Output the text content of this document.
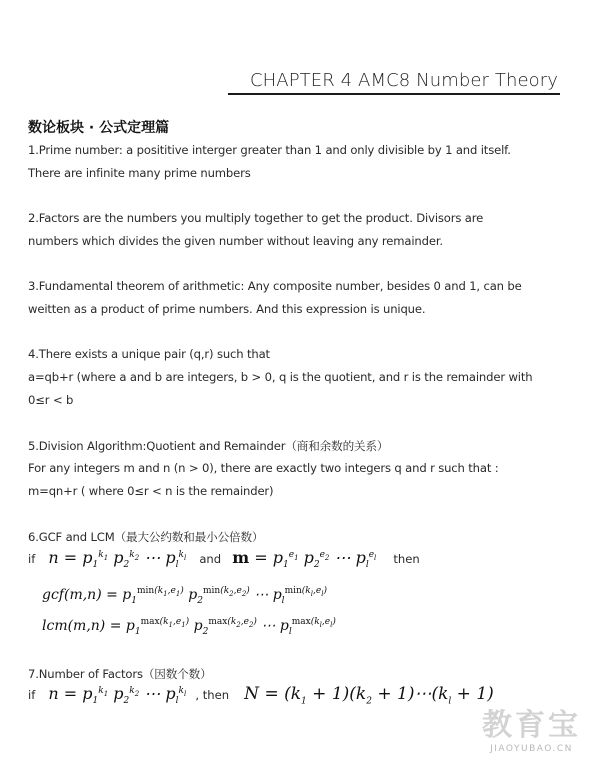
CHAPTER 4 AMC8 Number Theory
数论板块 · 公式定理篇
1.Prime number: a posititive interger greater than 1 and only divisible by 1 and itself.
There are infinite many prime numbers
2.Factors are the numbers you multiply together to get the product. Divisors are
numbers which divides the given number without leaving any remainder.
3.Fundamental theorem of arithmetic: Any composite number, besides 0 and 1, can be
weitten as a product of prime numbers. And this expression is unique.
4.There exists a unique pair (q,r) such that
a=qb+r (where a and b are integers, b > 0, q is the quotient, and r is the remainder with
0≤r < b
5.Division Algorithm:Quotient and Remainder（商和余数的关系）
For any integers m and n (n > 0), there are exactly two integers q and r such that :
m=qn+r ( where 0≤r < n is the remainder)
6.GCF and LCM（最大公约数和最小公倍数）
if $n = p_1^{k_1}$ $p_2^{k_2}$ ⋯ $p_l^{k_l}$ and $m = p_1^{e_1}$ $p_2^{e_2}$ ⋯ $p_l^{e_l}$ then
$gcf(m,n) = p_1^{min(k_1,e_1)}$ $p_2^{min(k_2,e_2)}$ ⋯ $p_l^{min(k_l,e_l)}$
$lcm(m,n) = p_1^{max(k_1,e_1)}$ $p_2^{max(k_2,e_2)}$ ⋯ $p_l^{max(k_l,e_l)}$
7.Number of Factors（因数个数）
if $n = p_1^{k_1}$ $p_2^{k_2}$ ⋯ $p_l^{k_l}$ , then $N = (k_1 + 1)(k_2$ + $1)\cdots(k_l + 1)$
教育宝
JIAOYUBAO.CN
